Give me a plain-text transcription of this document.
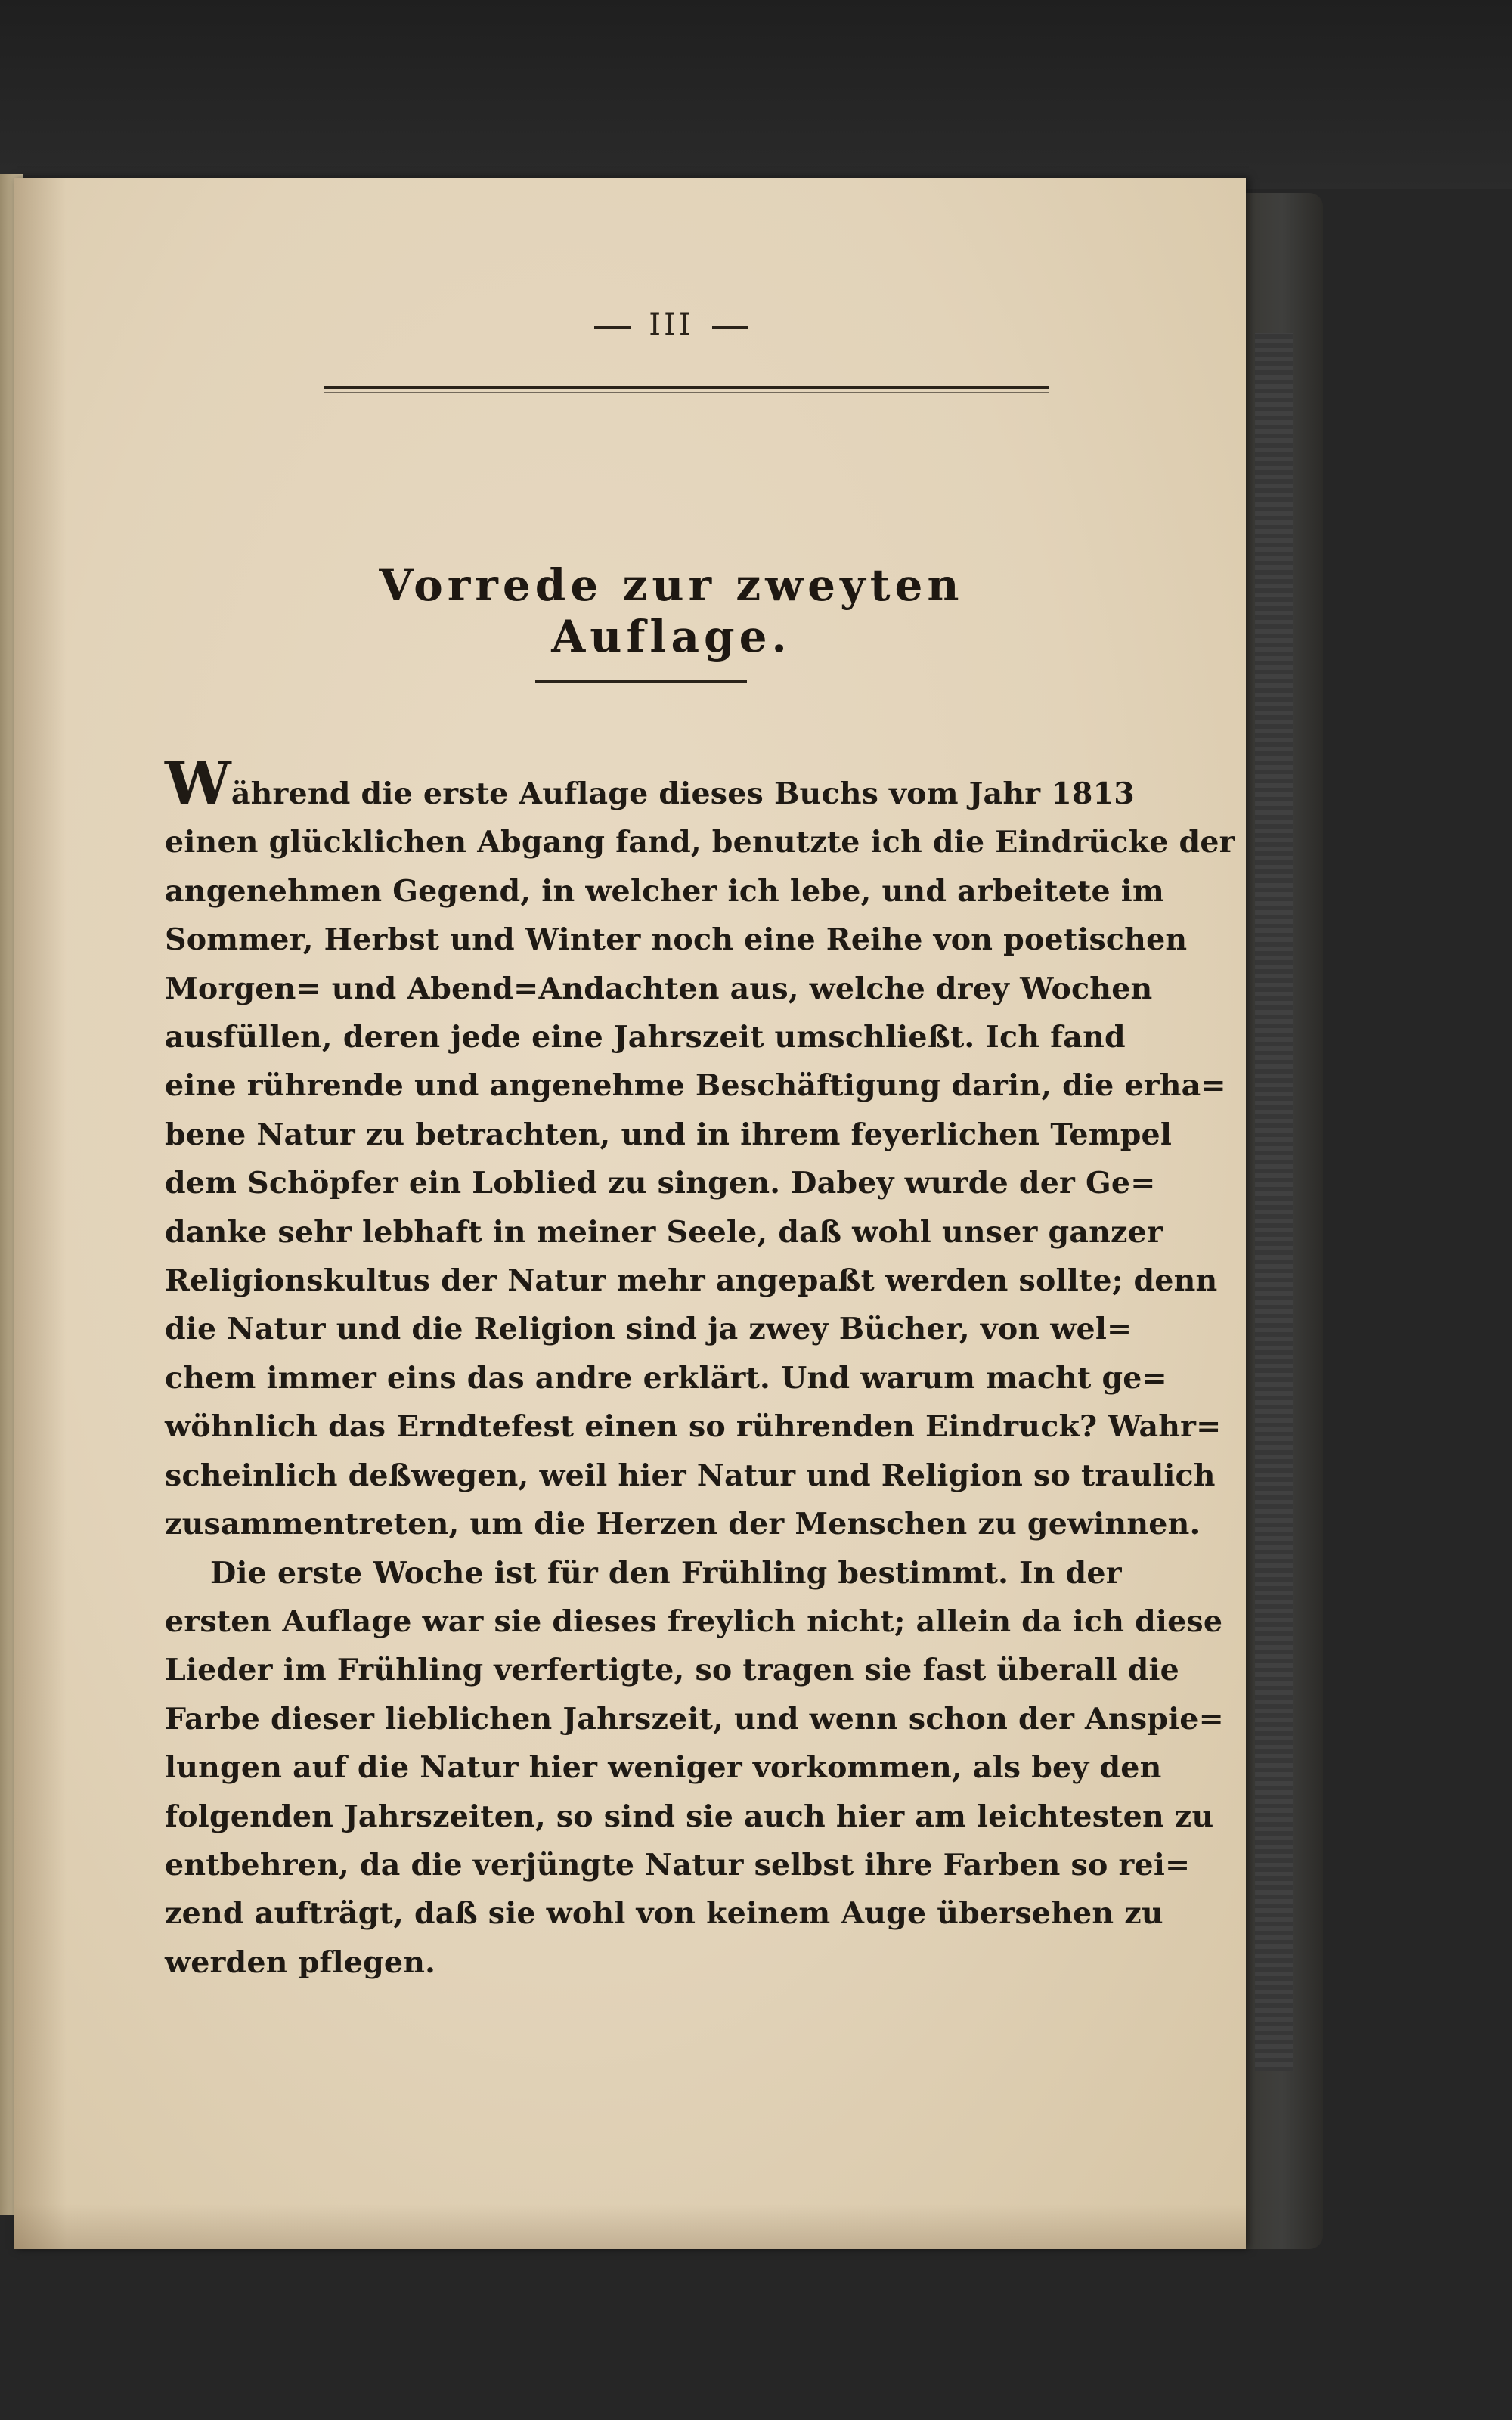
III
Vorrede zur zweyten Auflage.
Während die erste Auflage dieses Buchs vom Jahr 1813
einen glücklichen Abgang fand, benutzte ich die Eindrücke der
angenehmen Gegend, in welcher ich lebe, und arbeitete im
Sommer, Herbst und Winter noch eine Reihe von poetischen
Morgen= und Abend=Andachten aus, welche drey Wochen
ausfüllen, deren jede eine Jahrszeit umschließt. Ich fand
eine rührende und angenehme Beschäftigung darin, die erha=
bene Natur zu betrachten, und in ihrem feyerlichen Tempel
dem Schöpfer ein Loblied zu singen. Dabey wurde der Ge=
danke sehr lebhaft in meiner Seele, daß wohl unser ganzer
Religionskultus der Natur mehr angepaßt werden sollte; denn
die Natur und die Religion sind ja zwey Bücher, von wel=
chem immer eins das andre erklärt. Und warum macht ge=
wöhnlich das Erndtefest einen so rührenden Eindruck? Wahr=
scheinlich deßwegen, weil hier Natur und Religion so traulich
zusammentreten, um die Herzen der Menschen zu gewinnen.
Die erste Woche ist für den Frühling bestimmt. In der
ersten Auflage war sie dieses freylich nicht; allein da ich diese
Lieder im Frühling verfertigte, so tragen sie fast überall die
Farbe dieser lieblichen Jahrszeit, und wenn schon der Anspie=
lungen auf die Natur hier weniger vorkommen, als bey den
folgenden Jahrszeiten, so sind sie auch hier am leichtesten zu
entbehren, da die verjüngte Natur selbst ihre Farben so rei=
zend aufträgt, daß sie wohl von keinem Auge übersehen zu
werden pflegen.
